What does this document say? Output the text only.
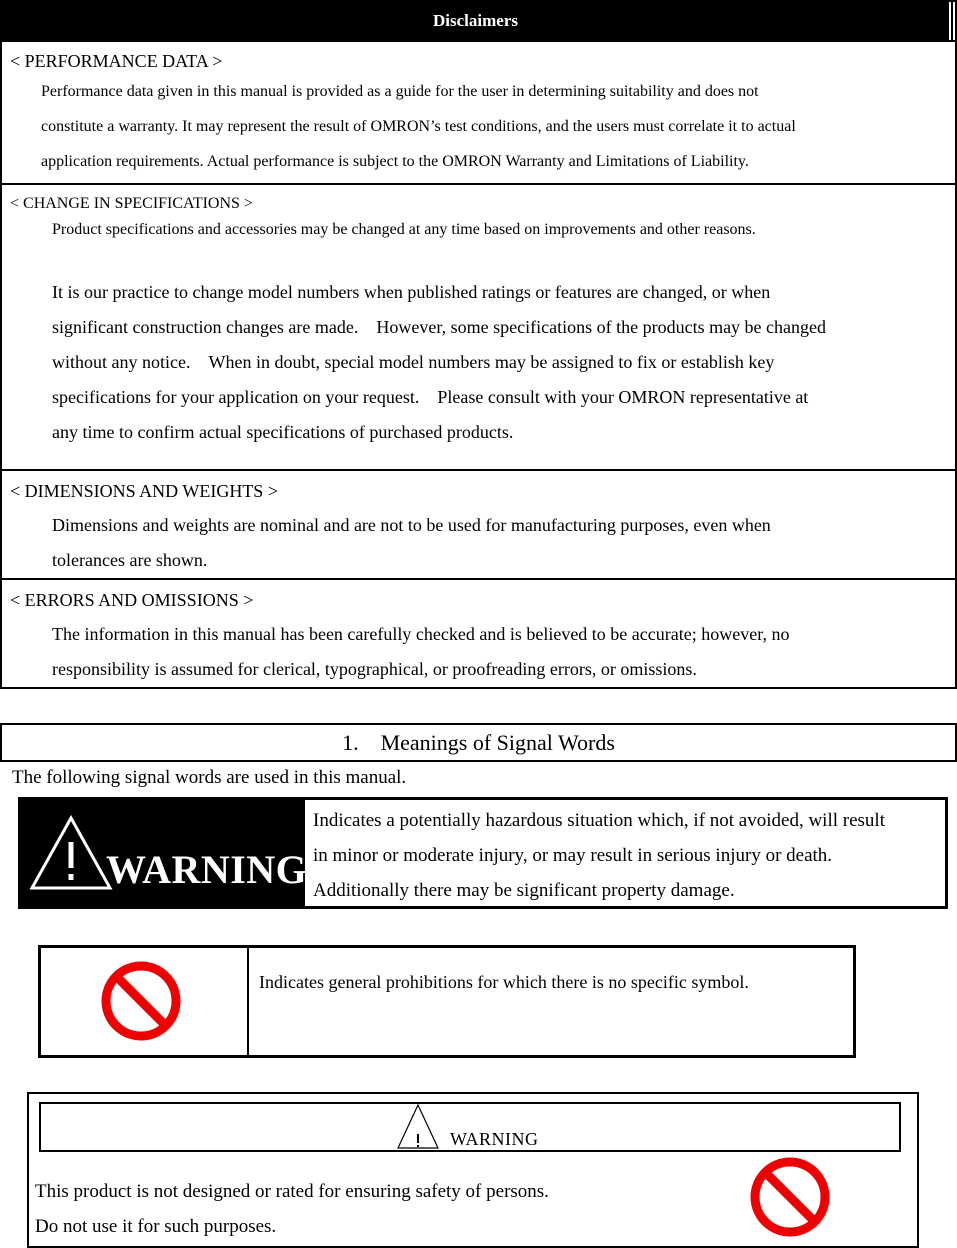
Disclaimers
< PERFORMANCE DATA >
Performance data given in this manual is provided as a guide for the user in determining suitability and does not
constitute a warranty. It may represent the result of OMRON’s test conditions, and the users must correlate it to actual
application requirements. Actual performance is subject to the OMRON Warranty and Limitations of Liability.
< CHANGE IN SPECIFICATIONS >
Product specifications and accessories may be changed at any time based on improvements and other reasons.
It is our practice to change model numbers when published ratings or features are changed, or when
significant construction changes are made.　However, some specifications of the products may be changed
without any notice.　When in doubt, special model numbers may be assigned to fix or establish key
specifications for your application on your request.　Please consult with your OMRON representative at
any time to confirm actual specifications of purchased products.
< DIMENSIONS AND WEIGHTS >
Dimensions and weights are nominal and are not to be used for manufacturing purposes, even when
tolerances are shown.
< ERRORS AND OMISSIONS >
The information in this manual has been carefully checked and is believed to be accurate; however, no
responsibility is assumed for clerical, typographical, or proofreading errors, or omissions.
1.　Meanings of Signal Words
The following signal words are used in this manual.
WARNING
Indicates a potentially hazardous situation which, if not avoided, will result
in minor or moderate injury, or may result in serious injury or death.
Additionally there may be significant property damage.
Indicates general prohibitions for which there is no specific symbol.
WARNING
This product is not designed or rated for ensuring safety of persons.
Do not use it for such purposes.
